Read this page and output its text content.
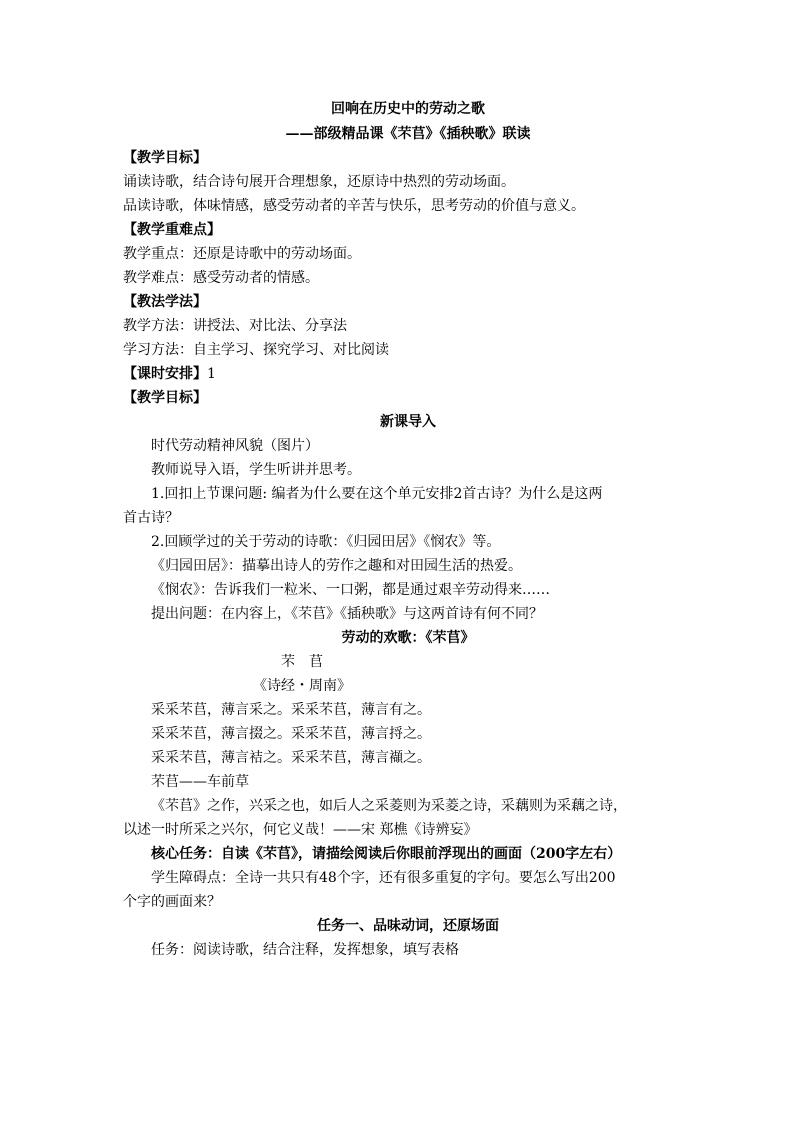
回响在历史中的劳动之歌
——部级精品课《芣苢》《插秧歌》联读
【教学目标】
诵读诗歌，结合诗句展开合理想象，还原诗中热烈的劳动场面。
品读诗歌，体味情感，感受劳动者的辛苦与快乐，思考劳动的价值与意义。
【教学重难点】
教学重点：还原是诗歌中的劳动场面。
教学难点：感受劳动者的情感。
【教法学法】
教学方法：讲授法、对比法、分享法
学习方法：自主学习、探究学习、对比阅读
【课时安排】1
【教学目标】
新课导入
时代劳动精神风貌（图片）
教师说导入语，学生听讲并思考。
1.回扣上节课问题: 编者为什么要在这个单元安排2首古诗？为什么是这两
首古诗？
2.回顾学过的关于劳动的诗歌：《归园田居》《悯农》等。
《归园田居》：描摹出诗人的劳作之趣和对田园生活的热爱。
《悯农》：告诉我们一粒米、一口粥，都是通过艰辛劳动得来……
提出问题：在内容上，《芣苢》《插秧歌》与这两首诗有何不同？
劳动的欢歌：《芣苢》
芣　苢
《诗经・周南》
采采芣苢，薄言采之。采采芣苢，薄言有之。
采采芣苢，薄言掇之。采采芣苢，薄言捋之。
采采芣苢，薄言袺之。采采芣苢，薄言襭之。
芣苢——车前草
《芣苢》之作，兴采之也，如后人之采菱则为采菱之诗，采藕则为采藕之诗，
以述一时所采之兴尔，何它义哉！——宋 郑樵《诗辨妄》
核心任务：自读《芣苢》，请描绘阅读后你眼前浮现出的画面（200字左右）
学生障碍点：全诗一共只有48个字，还有很多重复的字句。要怎么写出200
个字的画面来？
任务一、品味动词，还原场面
任务：阅读诗歌，结合注释，发挥想象，填写表格
